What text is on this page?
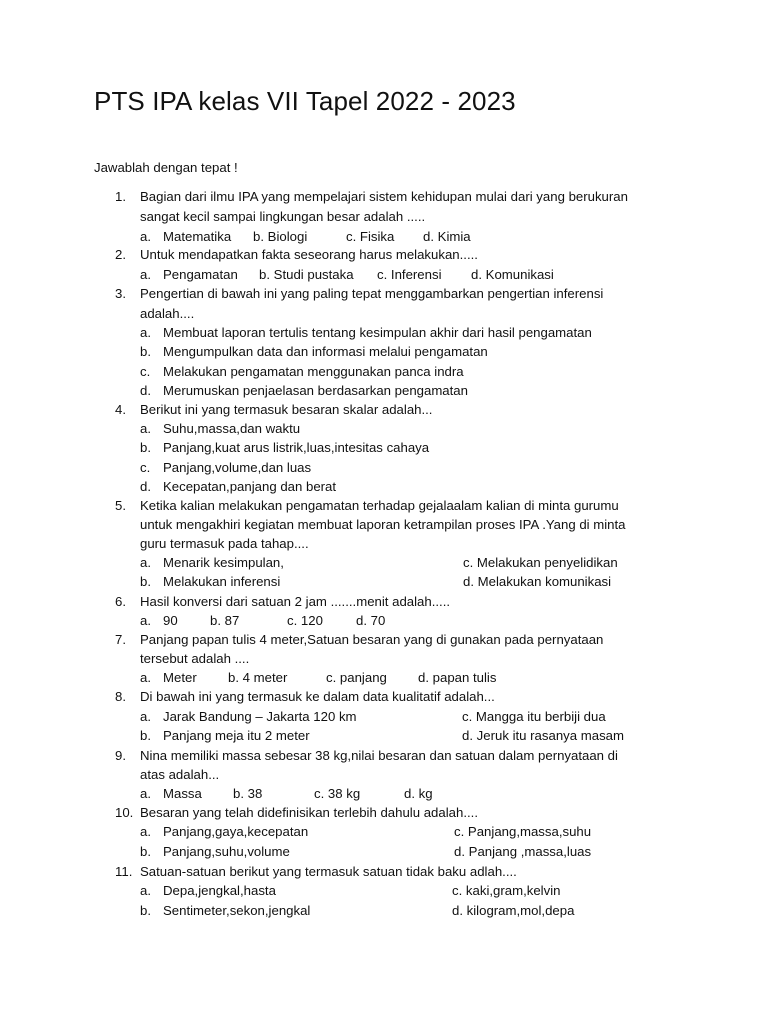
PTS IPA kelas VII Tapel 2022 - 2023
Jawablah dengan tepat !
1. Bagian dari ilmu IPA yang mempelajari sistem kehidupan mulai dari yang berukuran
sangat kecil sampai lingkungan besar adalah .....
a. Matematika b. Biologi	c. Fisika d. Kimia
2. Untuk mendapatkan fakta seseorang harus melakukan.....
a. Pengamatan b. Studi pustaka c. Inferensi d. Komunikasi
3. Pengertian di bawah ini yang paling tepat menggambarkan pengertian inferensi
adalah....
a. Membuat laporan tertulis tentang kesimpulan akhir dari hasil pengamatan
b. Mengumpulkan data dan informasi melalui pengamatan
c. Melakukan pengamatan menggunakan panca indra
d. Merumuskan penjaelasan berdasarkan pengamatan
4. Berikut ini yang termasuk besaran skalar adalah...
a. Suhu,massa,dan waktu
b. Panjang,kuat arus listrik,luas,intesitas cahaya
c. Panjang,volume,dan luas
d. Kecepatan,panjang dan berat
5. Ketika kalian melakukan pengamatan terhadap gejalaalam kalian di minta gurumu
untuk mengakhiri kegiatan membuat laporan ketrampilan proses IPA .Yang di minta
guru termasuk pada tahap....
a. Menarik kesimpulan,	c. Melakukan penyelidikan
b. Melakukan inferensi	d. Melakukan komunikasi
6. Hasil konversi dari satuan 2 jam .......menit adalah.....
a. 90 b. 87	c. 120	d. 70
7. Panjang papan tulis 4 meter,Satuan besaran yang di gunakan pada pernyataan
tersebut adalah ....
a. Meter b. 4 meter	c. panjang d. papan tulis
8. Di bawah ini yang termasuk ke dalam data kualitatif adalah...
a. Jarak Bandung – Jakarta 120 km	c. Mangga itu berbiji dua
b. Panjang meja itu 2 meter	d. Jeruk itu rasanya masam
9. Nina memiliki massa sebesar 38 kg,nilai besaran dan satuan dalam pernyataan di
atas adalah...
a. Massa b. 38	c. 38 kg	d. kg
10. Besaran yang telah didefinisikan terlebih dahulu adalah....
a. Panjang,gaya,kecepatan	c. Panjang,massa,suhu
b. Panjang,suhu,volume	d. Panjang ,massa,luas
11. Satuan-satuan berikut yang termasuk satuan tidak baku adlah....
a. Depa,jengkal,hasta	c. kaki,gram,kelvin
b. Sentimeter,sekon,jengkal	d. kilogram,mol,depa
